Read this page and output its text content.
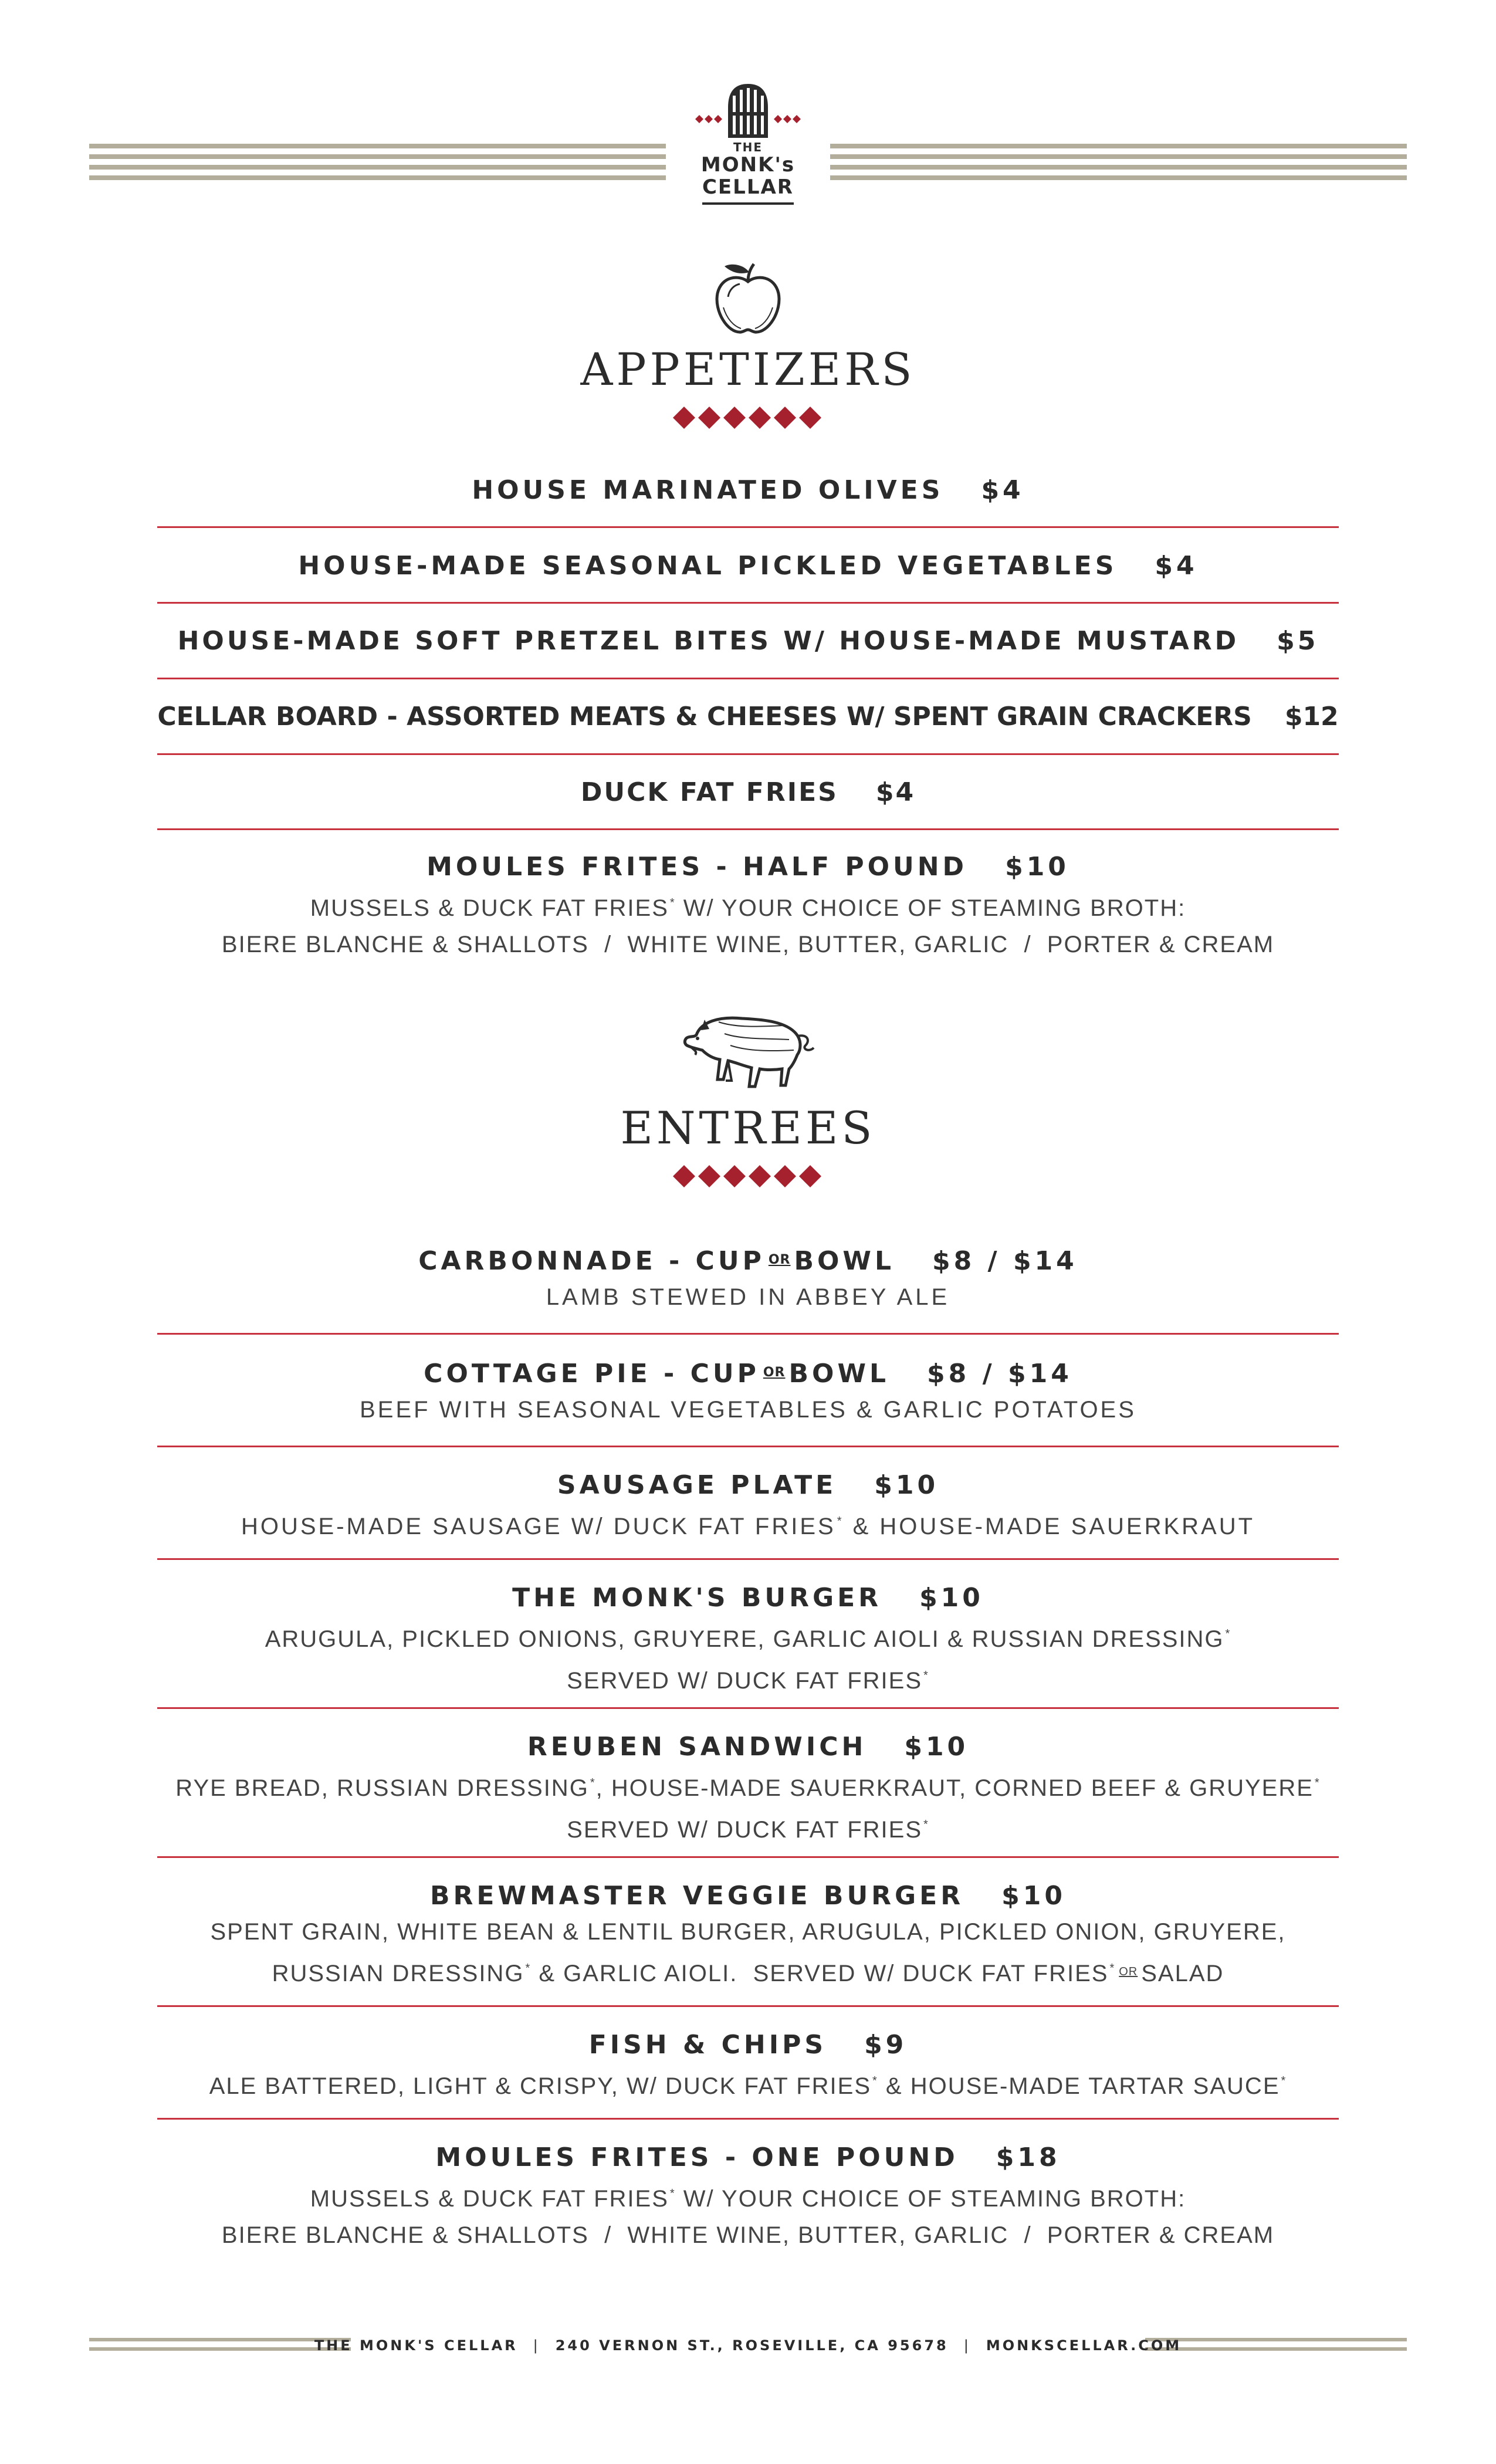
THE
MONK's
CELLAR
APPETIZERS
HOUSE MARINATED OLIVES $4
HOUSE-MADE SEASONAL PICKLED VEGETABLES $4
HOUSE-MADE SOFT PRETZEL BITES W/ HOUSE-MADE MUSTARD $5
CELLAR BOARD - ASSORTED MEATS & CHEESES W/ SPENT GRAIN CRACKERS $12
DUCK FAT FRIES $4
MOULES FRITES - HALF POUND $10
MUSSELS & DUCK FAT FRIES * W/ YOUR CHOICE OF STEAMING BROTH:
BIERE BLANCHE & SHALLOTS  /  WHITE WINE, BUTTER, GARLIC  /  PORTER & CREAM
ENTREES
CARBONNADE - CUP $^{OR}$ BOWL $8 / $14
LAMB STEWED IN ABBEY ALE
COTTAGE PIE - CUP $^{OR}$ BOWL $8 / $14
BEEF WITH SEASONAL VEGETABLES & GARLIC POTATOES
SAUSAGE PLATE $10
HOUSE-MADE SAUSAGE W/ DUCK FAT FRIES * & HOUSE-MADE SAUERKRAUT
THE MONK'S BURGER $10
ARUGULA, PICKLED ONIONS, GRUYERE, GARLIC AIOLI & RUSSIAN DRESSING *
SERVED W/ DUCK FAT FRIES *
REUBEN SANDWICH $10
RYE BREAD, RUSSIAN DRESSING *, HOUSE-MADE SAUERKRAUT, CORNED BEEF & GRUYERE *
SERVED W/ DUCK FAT FRIES *
BREWMASTER VEGGIE BURGER $10
SPENT GRAIN, WHITE BEAN & LENTIL BURGER, ARUGULA, PICKLED ONION, GRUYERE,
RUSSIAN DRESSING * & GARLIC AIOLI.  SERVED W/ DUCK FAT FRIES * $^{OR}$ SALAD
FISH & CHIPS $9
ALE BATTERED, LIGHT & CRISPY, W/ DUCK FAT FRIES * & HOUSE-MADE TARTAR SAUCE *
MOULES FRITES - ONE POUND $18
MUSSELS & DUCK FAT FRIES * W/ YOUR CHOICE OF STEAMING BROTH:
BIERE BLANCHE & SHALLOTS  /  WHITE WINE, BUTTER, GARLIC  /  PORTER & CREAM
THE MONK'S CELLAR | 240 VERNON ST., ROSEVILLE, CA 95678 | MONKSCELLAR.COM
